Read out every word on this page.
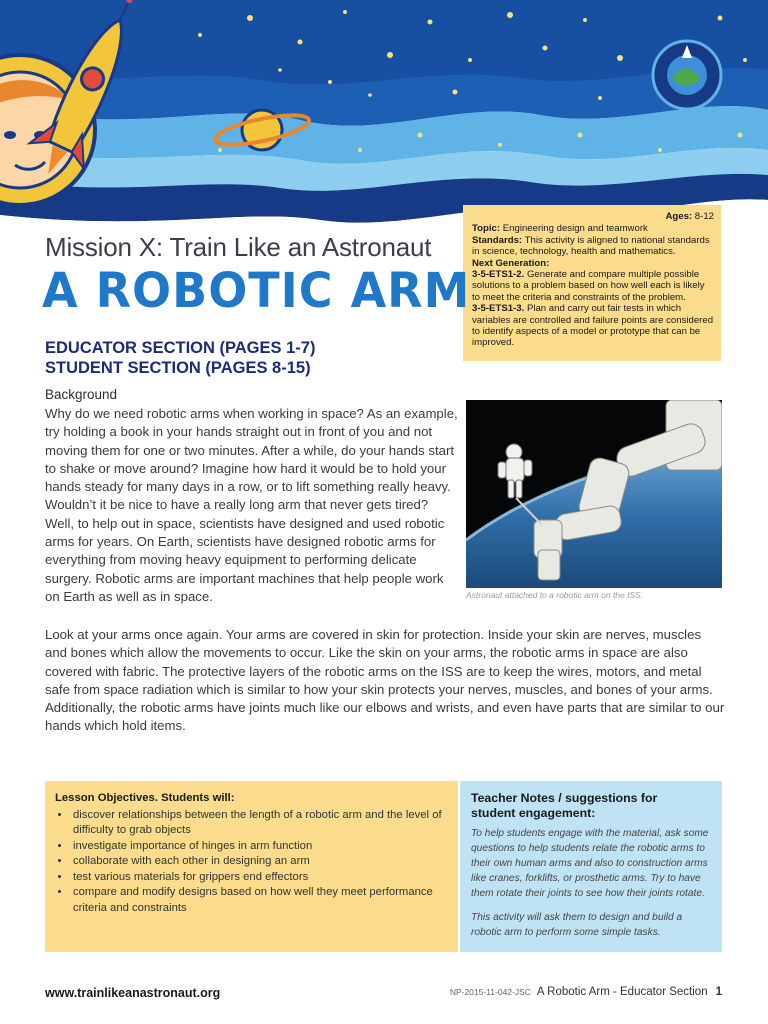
Ages: 8-12
Topic: Engineering design and teamwork
Standards: This activity is aligned to national standards in science, technology, health and mathematics.
Next Generation:
3-5-ETS1-2. Generate and compare multiple possible solutions to a problem based on how well each is likely to meet the criteria and constraints of the problem.
3-5-ETS1-3. Plan and carry out fair tests in which variables are controlled and failure points are considered to identify aspects of a model or prototype that can be improved.
Mission X: Train Like an Astronaut
A ROBOTIC ARM
EDUCATOR SECTION (PAGES 1-7)
STUDENT SECTION (PAGES 8-15)
Background
Why do we need robotic arms when working in space? As an example, try holding a book in your hands straight out in front of you and not moving them for one or two minutes. After a while, do your hands start to shake or move around? Imagine how hard it would be to hold your hands steady for many days in a row, or to lift something really heavy. Wouldn’t it be nice to have a really long arm that never gets tired? Well, to help out in space, scientists have designed and used robotic arms for years. On Earth, scientists have designed robotic arms for everything from moving heavy equipment to performing delicate surgery. Robotic arms are important machines that help people work on Earth as well as in space.	Astronaut attached to a robotic arm on the ISS.
Look at your arms once again. Your arms are covered in skin for protection. Inside your skin are nerves, muscles and bones which allow the movements to occur. Like the skin on your arms, the robotic arms in space are also covered with fabric. The protective layers of the robotic arms on the ISS are to keep the wires, motors, and metal safe from space radiation which is similar to how your skin protects your nerves, muscles, and bones of your arms. Additionally, the robotic arms have joints much like our elbows and wrists, and even have parts that are similar to our hands which hold items.
Lesson Objectives. Students will:
• discover relationships between the length of a robotic arm and the level of difficulty to grab objects
• investigate importance of hinges in arm function
• collaborate with each other in designing an arm
• test various materials for grippers end effectors
• compare and modify designs based on how well they meet performance criteria and constraints
Teacher Notes / suggestions for
student engagement:

To help students engage with the material, ask some questions to help students relate the robotic arms to their own human arms and also to construction arms like cranes, forklifts, or prosthetic arms. Try to have them rotate their joints to see how their joints rotate.

This activity will ask them to design and build a robotic arm to perform some simple tasks.

www.trainlikeanastronaut.org	NP-2015-11-042-JSC A Robotic Arm - Educator Section 1
